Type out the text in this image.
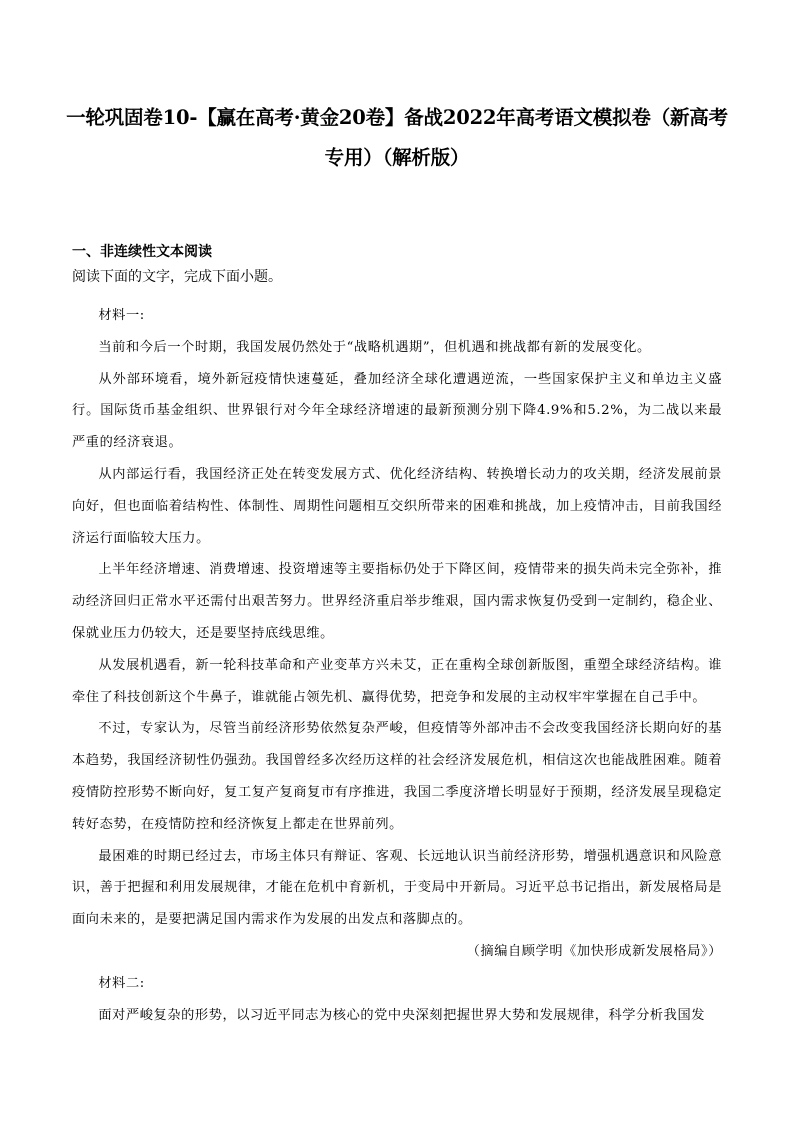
一轮巩固卷10-【赢在高考·黄金20卷】备战2022年高考语文模拟卷（新高考专用）（解析版）
一、非连续性文本阅读
阅读下面的文字，完成下面小题。

材料一:

当前和今后一个时期，我国发展仍然处于“战略机遇期”，但机遇和挑战都有新的发展变化。

从外部环境看，境外新冠疫情快速蔓延，叠加经济全球化遭遇逆流，一些国家保护主义和单边主义盛行。国际货币基金组织、世界银行对今年全球经济增速的最新预测分别下降4.9%和5.2%，为二战以来最严重的经济衰退。

从内部运行看，我国经济正处在转变发展方式、优化经济结构、转换增长动力的攻关期，经济发展前景向好，但也面临着结构性、体制性、周期性问题相互交织所带来的困难和挑战，加上疫情冲击，目前我国经济运行面临较大压力。

上半年经济增速、消费增速、投资增速等主要指标仍处于下降区间，疫情带来的损失尚未完全弥补，推动经济回归正常水平还需付出艰苦努力。世界经济重启举步维艰，国内需求恢复仍受到一定制约，稳企业、保就业压力仍较大，还是要坚持底线思维。

从发展机遇看，新一轮科技革命和产业变革方兴未艾，正在重构全球创新版图，重塑全球经济结构。谁牵住了科技创新这个牛鼻子，谁就能占领先机、赢得优势，把竞争和发展的主动权牢牢掌握在自己手中。

不过，专家认为，尽管当前经济形势依然复杂严峻，但疫情等外部冲击不会改变我国经济长期向好的基本趋势，我国经济韧性仍强劲。我国曾经多次经历这样的社会经济发展危机，相信这次也能战胜困难。随着疫情防控形势不断向好，复工复产复商复市有序推进，我国二季度济增长明显好于预期，经济发展呈现稳定转好态势，在疫情防控和经济恢复上都走在世界前列。

最困难的时期已经过去，市场主体只有辩证、客观、长远地认识当前经济形势，增强机遇意识和风险意识，善于把握和利用发展规律，才能在危机中育新机，于变局中开新局。习近平总书记指出，新发展格局是面向未来的，是要把满足国内需求作为发展的出发点和落脚点的。

（摘编自顾学明《加快形成新发展格局》）

材料二:

面对严峻复杂的形势，以习近平同志为核心的党中央深刻把握世界大势和发展规律，科学分析我国发
